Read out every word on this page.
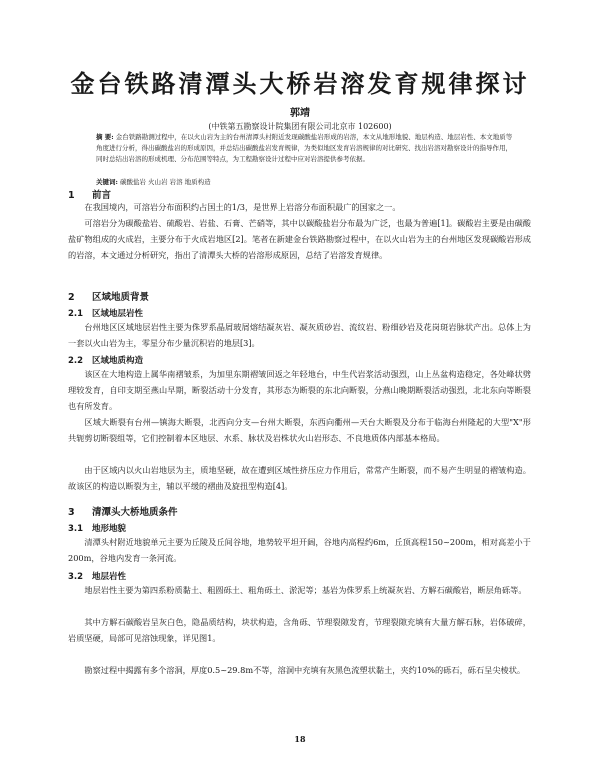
金台铁路清潭头大桥岩溶发育规律探讨
郭靖
(中铁第五勘察设计院集团有限公司北京市 102600)
摘 要: 金台铁路勘测过程中，在以火山岩为主的台州清潭头村附近发现碳酸盐岩形成的岩溶，本文从地形地貌、地层构造、地层岩性、本文地质等角度进行分析，得出碳酸盐岩的形成原因，并总结出碳酸盐岩发育规律，为类似地区发育岩溶规律的对比研究、找出岩溶对勘察设计的指导作用，同时总结出岩溶的形成机理、分布范围等特点，为工程勘察设计过程中应对岩溶提供参考依据。
关键词: 碳酸盐岩 火山岩 岩溶 地质构造
1 前言
在我国境内，可溶岩分布面积约占国土的1/3，是世界上岩溶分布面积最广的国家之一。
可溶岩分为碳酸盐岩、硫酸岩、岩盐、石膏、芒硝等，其中以碳酸盐岩分布最为广泛，也最为普遍[1]。碳酸岩主要是由碳酸盐矿物组成的火成岩，主要分布于火成岩地区[2]。笔者在新建金台铁路勘察过程中，在以火山岩为主的台州地区发现碳酸岩形成的岩溶，本文通过分析研究，指出了清潭头大桥的岩溶形成原因，总结了岩溶发育规律。
2 区域地质背景
2.1 区域地层岩性
台州地区区域地层岩性主要为侏罗系晶屑玻屑熔结凝灰岩、凝灰质砂岩、流纹岩、粉细砂岩及花岗斑岩脉状产出。总体上为一套以火山岩为主，零星分布少量沉积岩的地层[3]。
2.2 区域地质构造
该区在大地构造上属华南褶皱系，为加里东期褶皱回返之年轻地台，中生代岩浆活动强烈，山上丛盆构造稳定，各处峰状劈理较发育，自印支期至燕山早期，断裂活动十分发育，其形态为断裂的东北向断裂，分燕山晚期断裂活动强烈，北北东向等断裂也有所发育。
区域大断裂有台州—镇海大断裂，北西向分支—台州大断裂，东西向衢州—天台大断裂及分布于临海台州隆起的大型"X"形共轭剪切断裂组等，它们控制着本区地层、水系、脉状及岩株状火山岩形态、不良地质体内部基本格局。
由于区域内以火山岩地层为主，质地坚硬，故在遭到区域性挤压应力作用后，常常产生断裂，而不易产生明显的褶皱构造。故该区的构造以断裂为主，辅以平缓的褶曲及旋扭型构造[4]。
3 清潭头大桥地质条件
3.1 地形地貌
清潭头村附近地貌单元主要为丘陵及丘间谷地，地势较平坦开阔，谷地内高程约6m，丘顶高程150~200m，相对高差小于200m，谷地内发育一条河流。
3.2 地层岩性
地层岩性主要为第四系粉质黏土、粗圆砾土、粗角砾土、淤泥等；基岩为侏罗系上统凝灰岩、方解石碳酸岩，断层角砾等。
其中方解石碳酸岩呈灰白色，隐晶质结构，块状构造，含角砾、节理裂隙发育，节理裂隙充填有大量方解石脉，岩体破碎，岩质坚硬，局部可见溶蚀现象，详见图1。
勘察过程中揭露有多个溶洞，厚度0.5~29.8m不等，溶洞中充填有灰黑色流塑状黏土，夹约10%的砾石，砾石呈尖棱状。
18
